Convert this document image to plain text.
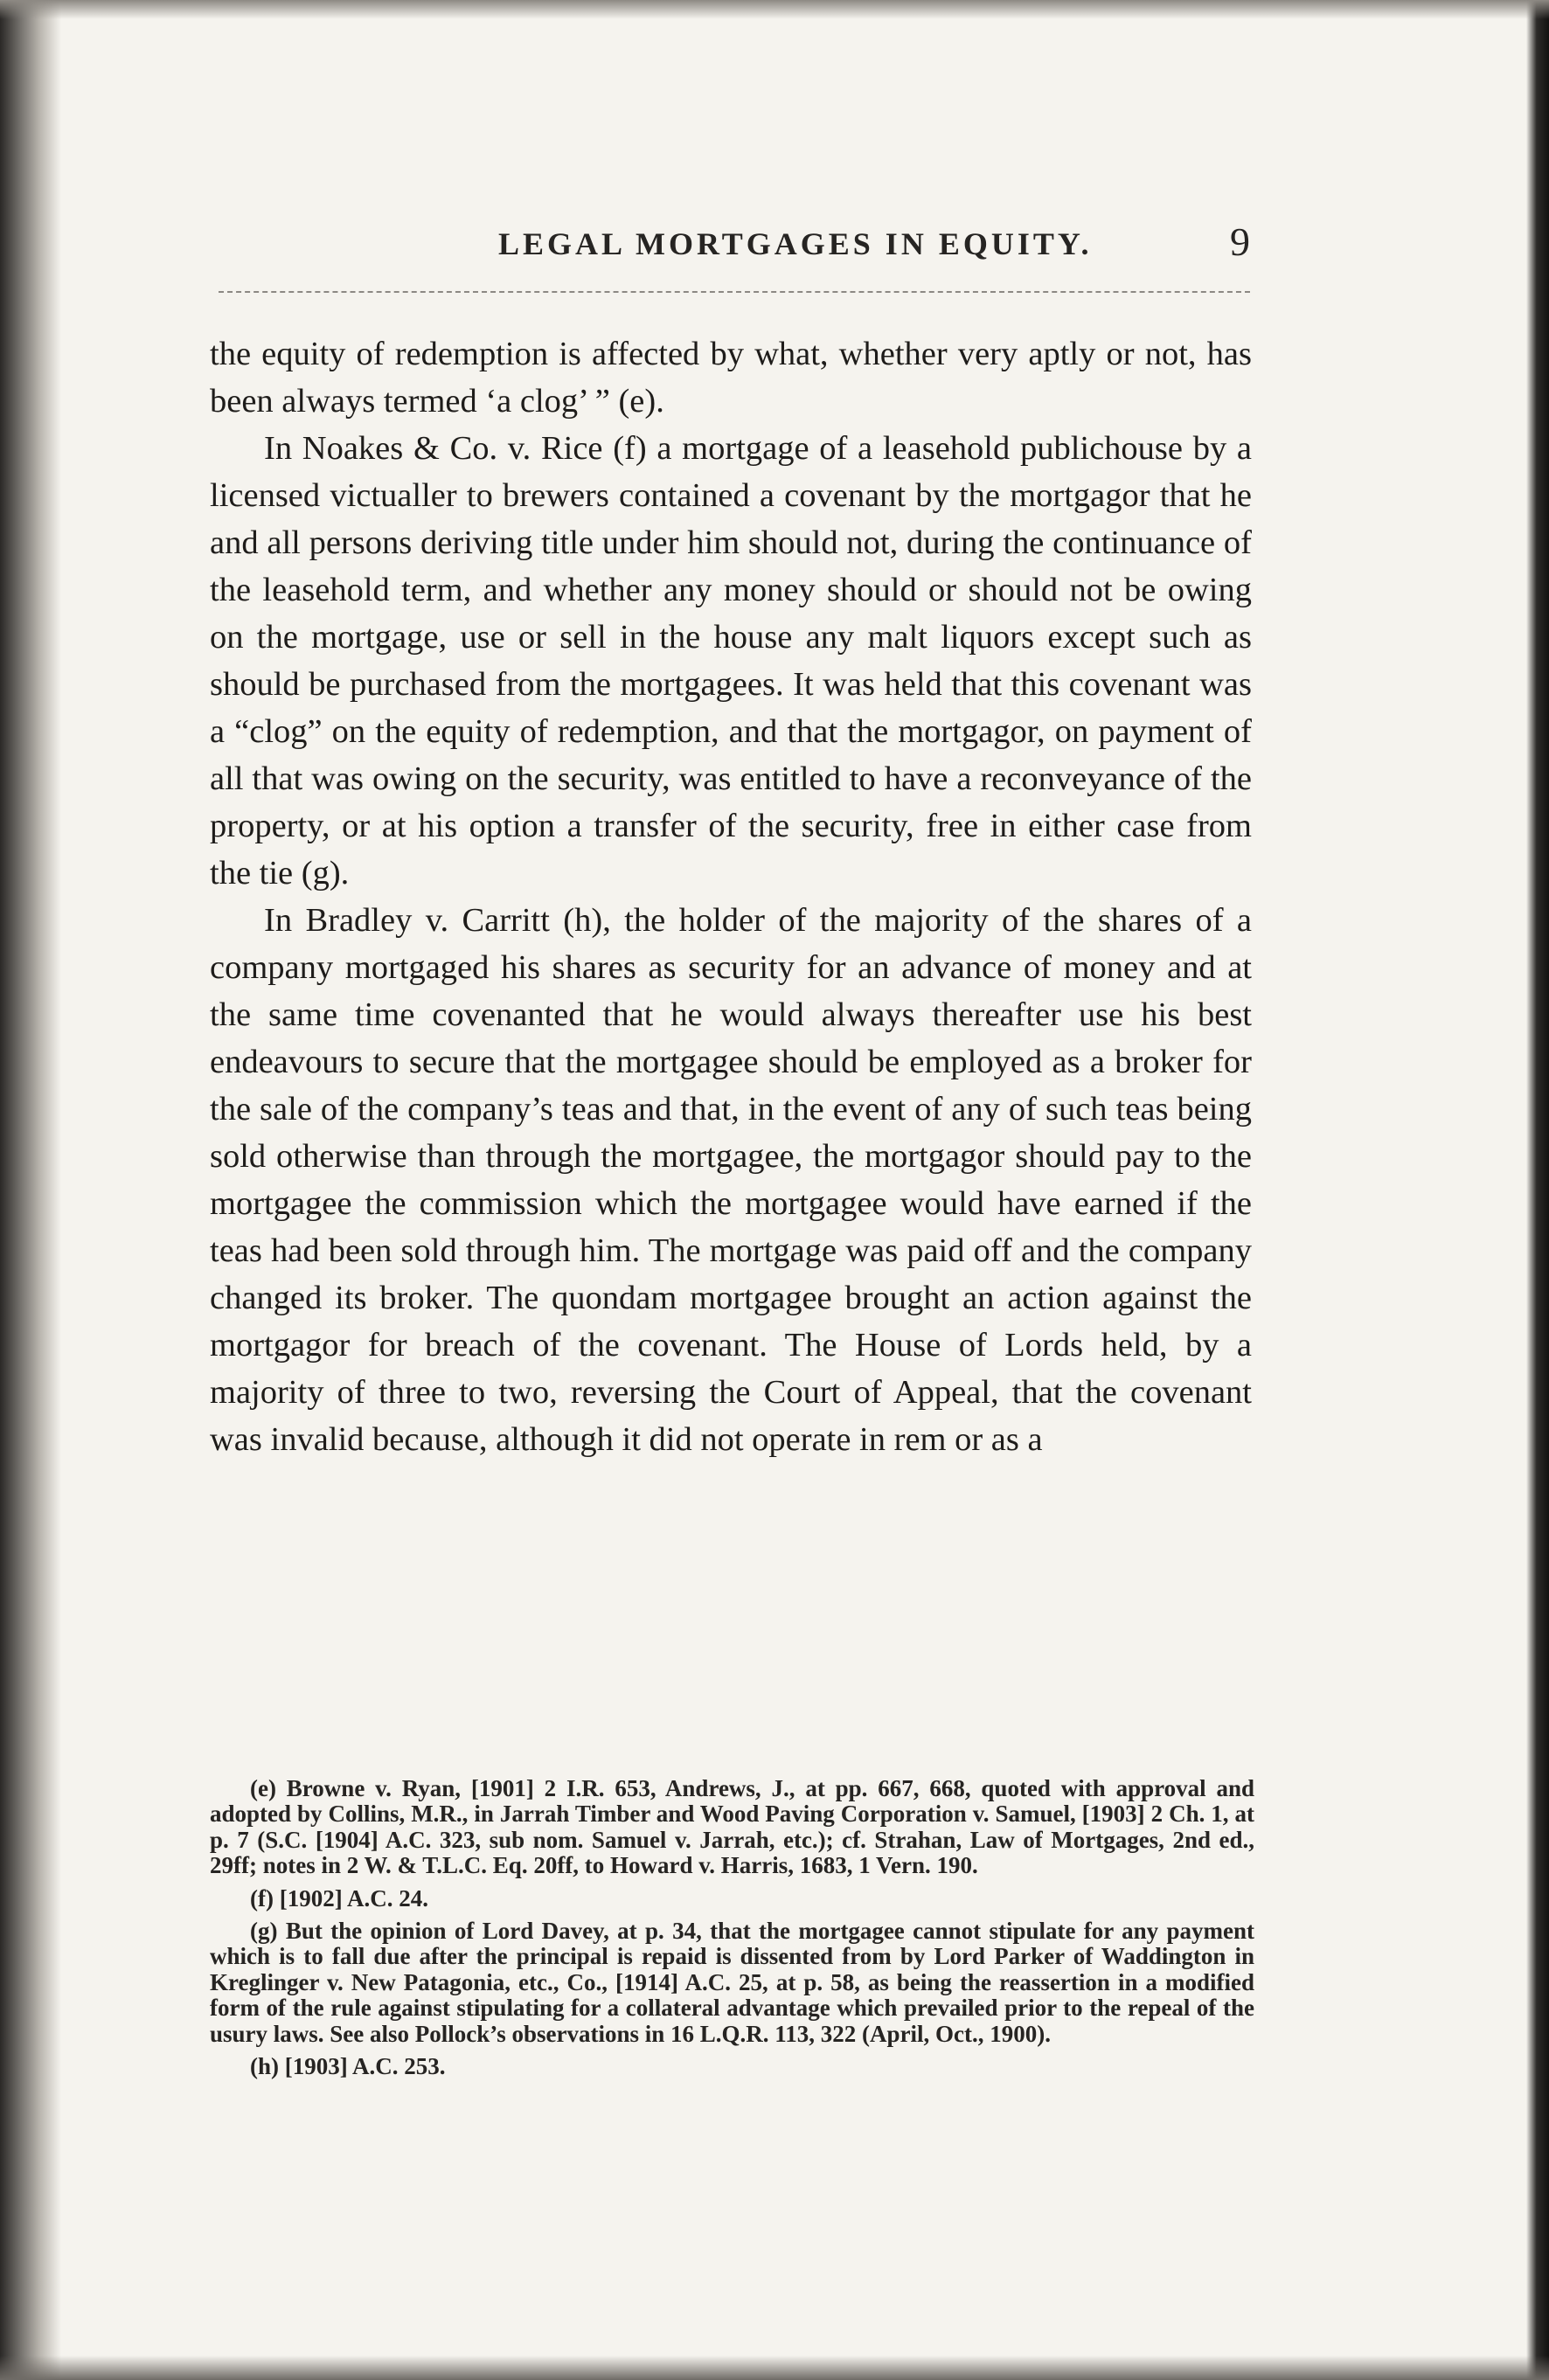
LEGAL MORTGAGES IN EQUITY.	9

the equity of redemption is affected by what, whether very aptly or not, has been always termed ‘a clog’ ” (e).

In Noakes & Co. v. Rice (f) a mortgage of a leasehold publichouse by a licensed victualler to brewers contained a covenant by the mortgagor that he and all persons deriving title under him should not, during the continuance of the leasehold term, and whether any money should or should not be owing on the mortgage, use or sell in the house any malt liquors except such as should be purchased from the mortgagees. It was held that this covenant was a “clog” on the equity of redemption, and that the mortgagor, on payment of all that was owing on the security, was entitled to have a reconveyance of the property, or at his option a transfer of the security, free in either case from the tie (g).

In Bradley v. Carritt (h), the holder of the majority of the shares of a company mortgaged his shares as security for an advance of money and at the same time covenanted that he would always thereafter use his best endeavours to secure that the mortgagee should be employed as a broker for the sale of the company’s teas and that, in the event of any of such teas being sold otherwise than through the mortgagee, the mortgagor should pay to the mortgagee the commission which the mortgagee would have earned if the teas had been sold through him. The mortgage was paid off and the company changed its broker. The quondam mortgagee brought an action against the mortgagor for breach of the covenant. The House of Lords held, by a majority of three to two, reversing the Court of Appeal, that the covenant was invalid because, although it did not operate in rem or as a

(e) Browne v. Ryan, [1901] 2 I.R. 653, Andrews, J., at pp. 667, 668, quoted with approval and adopted by Collins, M.R., in Jarrah Timber and Wood Paving Corporation v. Samuel, [1903] 2 Ch. 1, at p. 7 (S.C. [1904] A.C. 323, sub nom. Samuel v. Jarrah, etc.); cf. Strahan, Law of Mortgages, 2nd ed., 29ff; notes in 2 W. & T.L.C. Eq. 20ff, to Howard v. Harris, 1683, 1 Vern. 190.

(f) [1902] A.C. 24.

(g) But the opinion of Lord Davey, at p. 34, that the mortgagee cannot stipulate for any payment which is to fall due after the principal is repaid is dissented from by Lord Parker of Waddington in Kreglinger v. New Patagonia, etc., Co., [1914] A.C. 25, at p. 58, as being the reassertion in a modified form of the rule against stipulating for a collateral advantage which prevailed prior to the repeal of the usury laws. See also Pollock’s observations in 16 L.Q.R. 113, 322 (April, Oct., 1900).

(h) [1903] A.C. 253.
